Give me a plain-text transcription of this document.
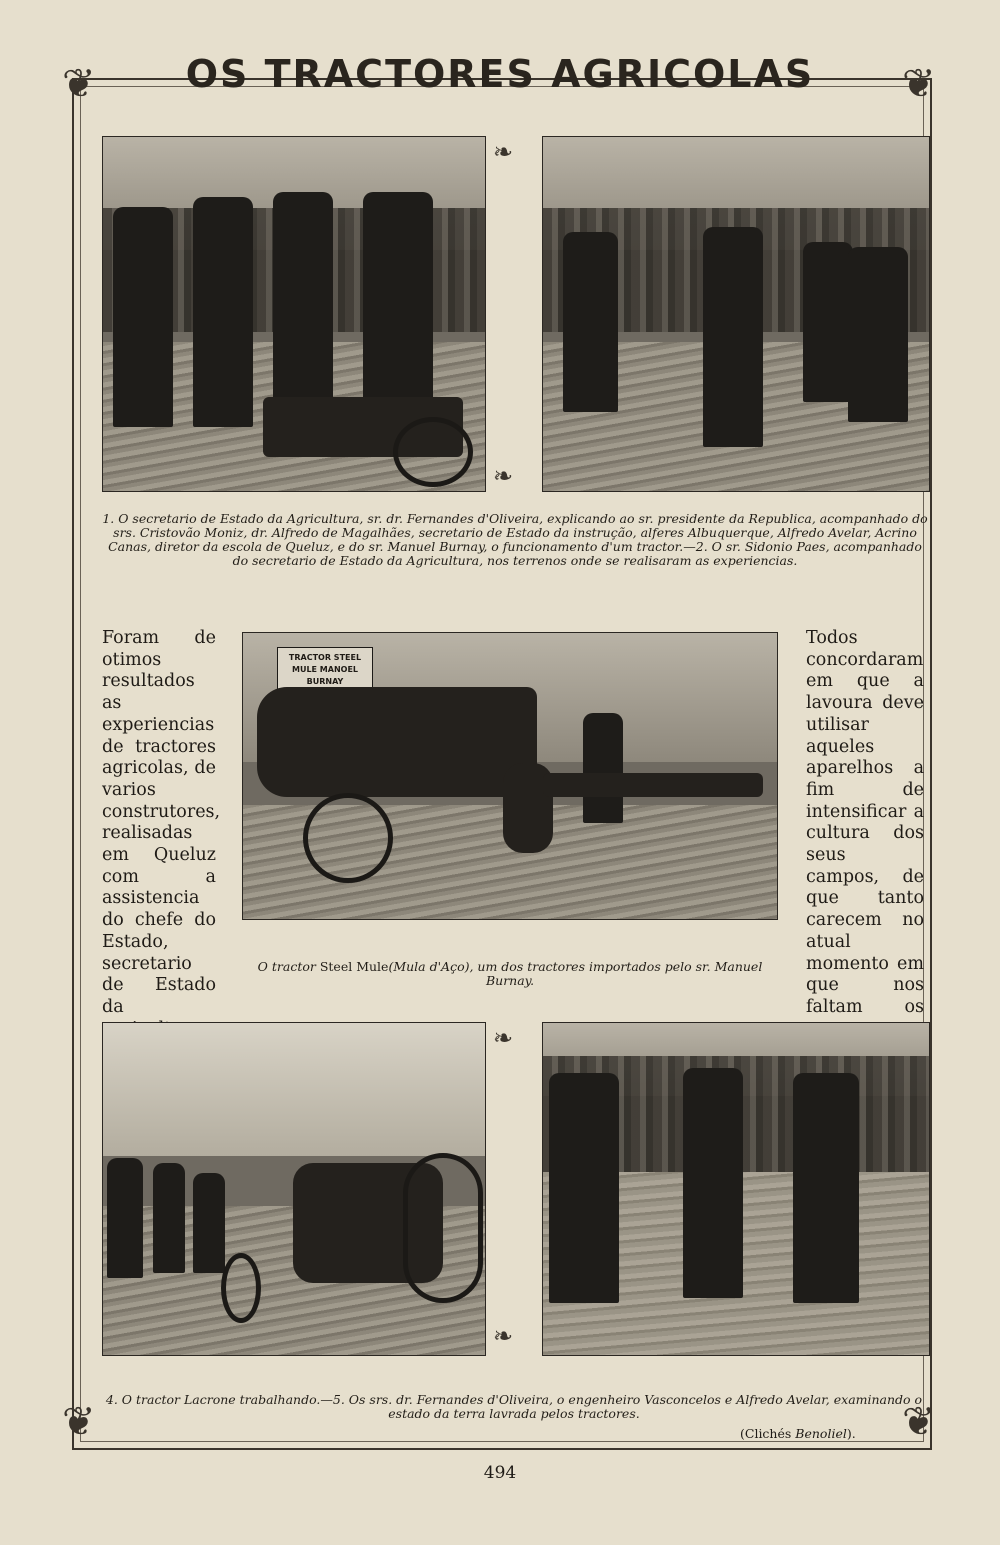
❦	❦
❦	❦
❧
❧
❧
❧
OS TRACTORES AGRICOLAS
1. O secretario de Estado da Agricultura, sr. dr. Fernandes d'Oliveira, explicando ao sr. presidente da Republica, acompanhado do srs. Cristovão Moniz, dr. Alfredo de Magalhães, secretario de Estado da instrução, alferes Albuquerque, Alfredo Avelar, Acrino Canas, diretor da escola de Queluz, e do sr. Manuel Burnay, o funcionamento d'um tractor.—2. O sr. Sidonio Paes, acompanhado do secretario de Estado da Agricultura, nos terrenos onde se realisaram as experiencias.

Foram de otimos resultados as experiencias de tractores agricolas, de varios construtores, realisadas em Queluz com a assistencia do chefe do Estado, secretario de Estado da

TRACTOR STEEL MULE MANOEL BURNAY
O tractor Steel Mule(Mula d'Aço), um dos tractores importados pelo sr. Manuel Burnay.

Todos concordaram em que a lavoura deve utilisar aqueles aparelhos a fim de intensificar a cultura dos seus campos, de que tanto carecem no atual momento em que nos faltam os

4. O tractor Lacrone trabalhando.—5. Os srs. dr. Fernandes d'Oliveira, o engenheiro Vasconcelos e Alfredo Avelar, examinando o estado da terra lavrada pelos tractores.
(Clichés Benoliel).
494
